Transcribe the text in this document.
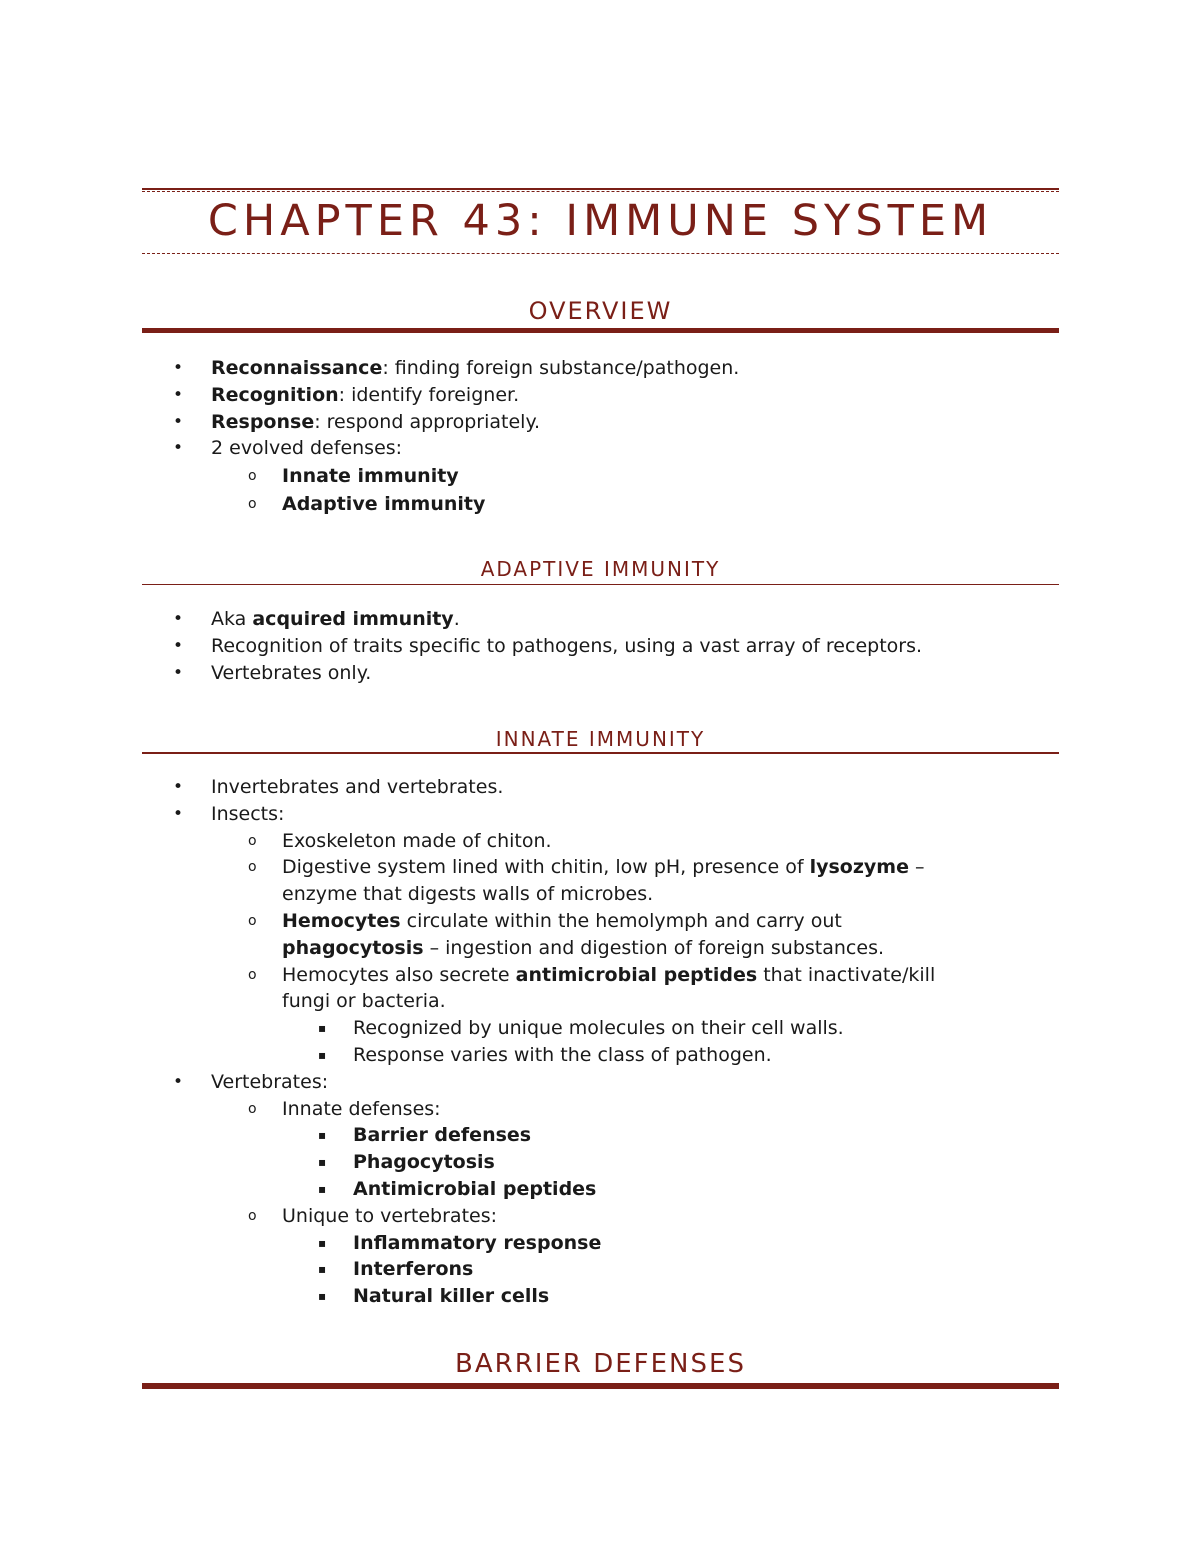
CHAPTER 43: IMMUNE SYSTEM
OVERVIEW
• Reconnaissance: finding foreign substance/pathogen.
• Recognition: identify foreigner.
• Response: respond appropriately.
• 2 evolved defenses:
o Innate immunity
o Adaptive immunity
ADAPTIVE IMMUNITY
• Aka acquired immunity.
• Recognition of traits specific to pathogens, using a vast array of receptors.
• Vertebrates only.
INNATE IMMUNITY
• Invertebrates and vertebrates.
• Insects:
o Exoskeleton made of chiton.
o Digestive system lined with chitin, low pH, presence of lysozyme –
enzyme that digests walls of microbes.
o Hemocytes circulate within the hemolymph and carry out
phagocytosis – ingestion and digestion of foreign substances.
o Hemocytes also secrete antimicrobial peptides that inactivate/kill
fungi or bacteria.
▪ Recognized by unique molecules on their cell walls.
▪ Response varies with the class of pathogen.
• Vertebrates:
o Innate defenses:
▪ Barrier defenses
▪ Phagocytosis
▪ Antimicrobial peptides
o Unique to vertebrates:
▪ Inflammatory response
▪ Interferons
▪ Natural killer cells
BARRIER DEFENSES
